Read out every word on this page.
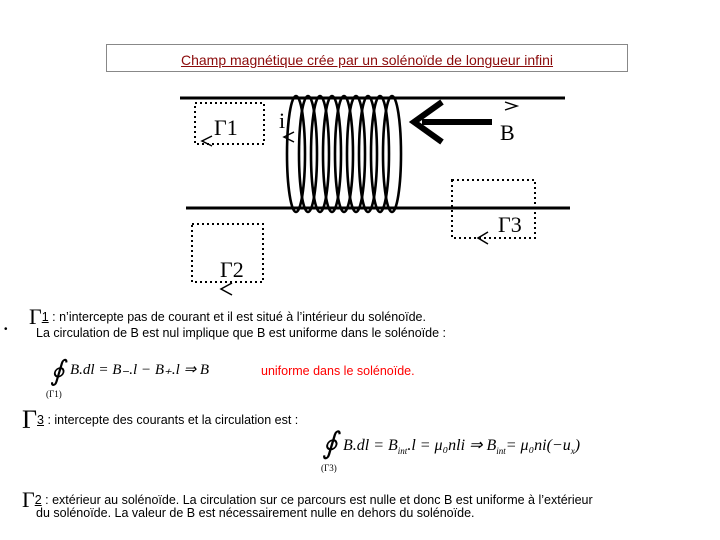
Champ magnétique crée par un solénoïde de longueur infini
B
i
Γ1
Γ2
Γ3
•
Γ1 : n’intercepte pas de courant et il est situé à l’intérieur du solénoïde.
La circulation de B est nul implique que B est uniforme dans le solénoïde :
∮ B.dl = B₋.l − B₊.l ⇒ B
(Γ1)
uniforme dans le solénoïde.
Γ3 : intercepte des courants et la circulation est :
∮ $B.dl = B_{int}.l = \mu_0nli$ ⇒ $B_{int}= \mu_0ni(-u_x)$
(Γ3)
Γ2 : extérieur au solénoïde. La circulation sur ce parcours est nulle et donc B est uniforme à l’extérieur
du solénoïde. La valeur de B est nécessairement nulle en dehors du solénoïde.
